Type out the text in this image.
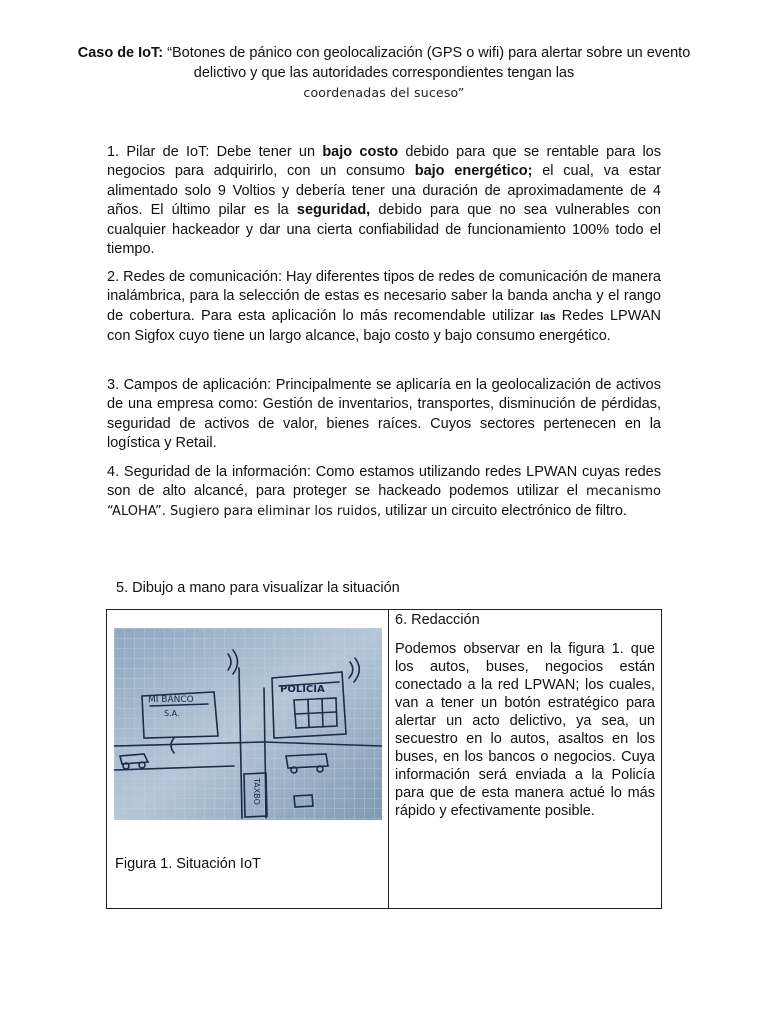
Caso de IoT: “Botones de pánico con geolocalización (GPS o wifi) para alertar sobre un evento delictivo y que las autoridades correspondientes tengan las
coordenadas del suceso”
1. Pilar de IoT: Debe tener un bajo costo debido para que se rentable para los negocios para adquirirlo, con un consumo bajo energético; el cual, va estar alimentado solo 9 Voltios y debería tener una duración de aproximadamente de 4 años. El último pilar es la seguridad, debido para que no sea vulnerables con cualquier hackeador y dar una cierta confiabilidad de funcionamiento 100% todo el tiempo.
2. Redes de comunicación: Hay diferentes tipos de redes de comunicación de manera inalámbrica, para la selección de estas es necesario saber la banda ancha y el rango de cobertura. Para esta aplicación lo más recomendable utilizar las Redes LPWAN con Sigfox cuyo tiene un largo alcance, bajo costo y bajo consumo energético.
3. Campos de aplicación: Principalmente se aplicaría en la geolocalización de activos de una empresa como: Gestión de inventarios, transportes, disminución de pérdidas, seguridad de activos de valor, bienes raíces. Cuyos sectores pertenecen en la logística y Retail.
4. Seguridad de la información: Como estamos utilizando redes LPWAN cuyas redes son de alto alcancé, para proteger se hackeado podemos utilizar el mecanismo “ALOHA”. Sugiero para eliminar los ruidos, utilizar un circuito electrónico de filtro.
5. Dibujo a mano para visualizar la situación
MI BANCO
S.A.
POLICIA
TAXBO
Figura 1. Situación IoT

6. Redacción
Podemos observar en la figura 1. que los autos, buses, negocios están conectado a la red LPWAN; los cuales, van a tener un botón estratégico para alertar un acto delictivo, ya sea, un secuestro en lo autos, asaltos en los buses, en los bancos o negocios. Cuya información será enviada a la Policía para que de esta manera actué lo más rápido y efectivamente posible.
